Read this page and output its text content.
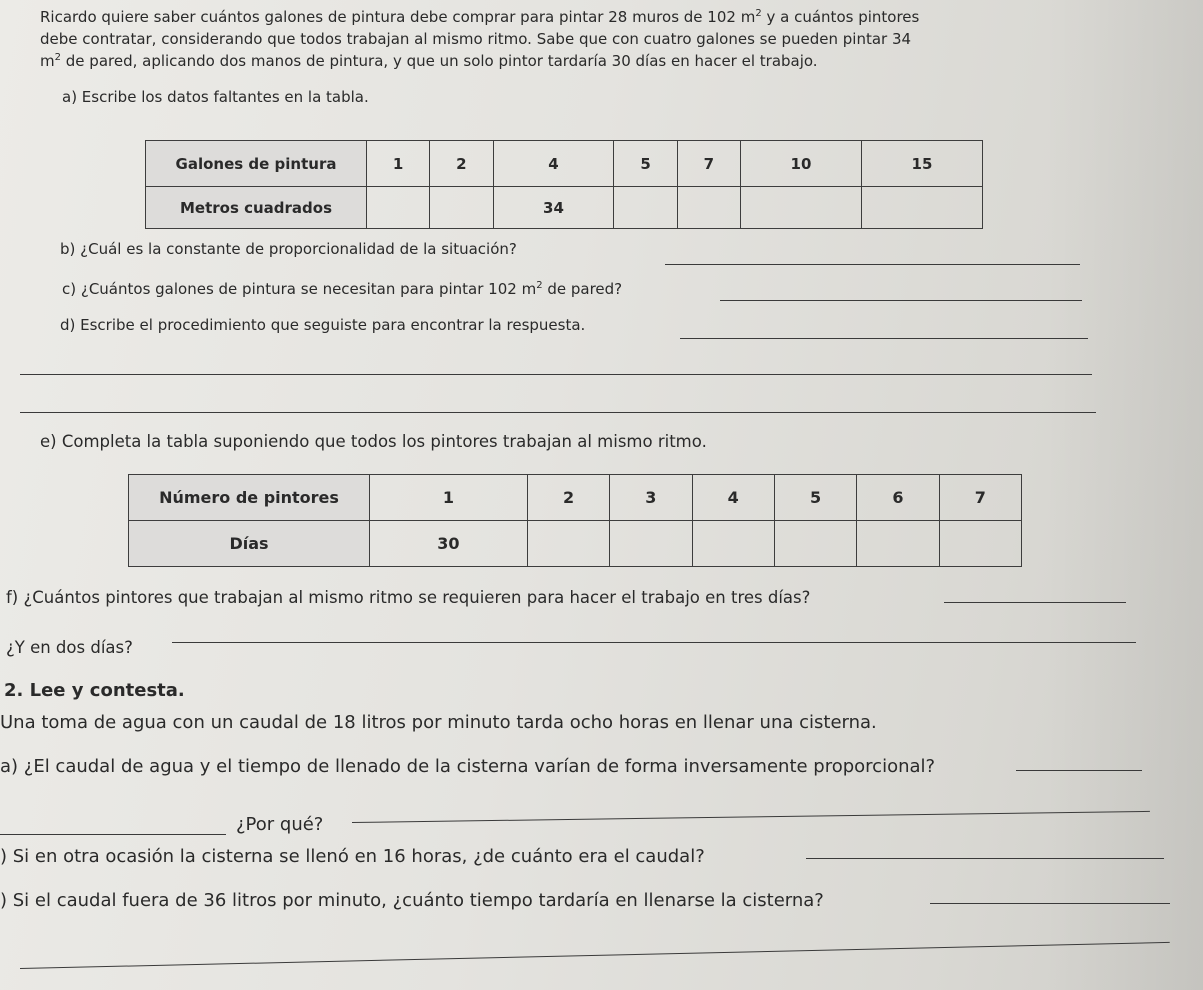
Ricardo quiere saber cuántos galones de pintura debe comprar para pintar 28 muros de 102 $m^2$ y a cuántos pintores
debe contratar, considerando que todos trabajan al mismo ritmo. Sabe que con cuatro galones se pueden pintar 34
$m^2$ de pared, aplicando dos manos de pintura, y que un solo pintor tardaría 30 días en hacer el trabajo.
a) Escribe los datos faltantes en la tabla.
Galones de pintura	1	2	4	5	7	10	15
Metros cuadrados			34				
b) ¿Cuál es la constante de proporcionalidad de la situación?
c) ¿Cuántos galones de pintura se necesitan para pintar 102 $m^2$ de pared?
d) Escribe el procedimiento que seguiste para encontrar la respuesta.
e) Completa la tabla suponiendo que todos los pintores trabajan al mismo ritmo.
Número de pintores	1	2	3	4	5	6	7
Días	30						
f) ¿Cuántos pintores que trabajan al mismo ritmo se requieren para hacer el trabajo en tres días?
¿Y en dos días?
2. Lee y contesta.
Una toma de agua con un caudal de 18 litros por minuto tarda ocho horas en llenar una cisterna.
a) ¿El caudal de agua y el tiempo de llenado de la cisterna varían de forma inversamente proporcional?
¿Por qué?
) Si en otra ocasión la cisterna se llenó en 16 horas, ¿de cuánto era el caudal?
) Si el caudal fuera de 36 litros por minuto, ¿cuánto tiempo tardaría en llenarse la cisterna?
